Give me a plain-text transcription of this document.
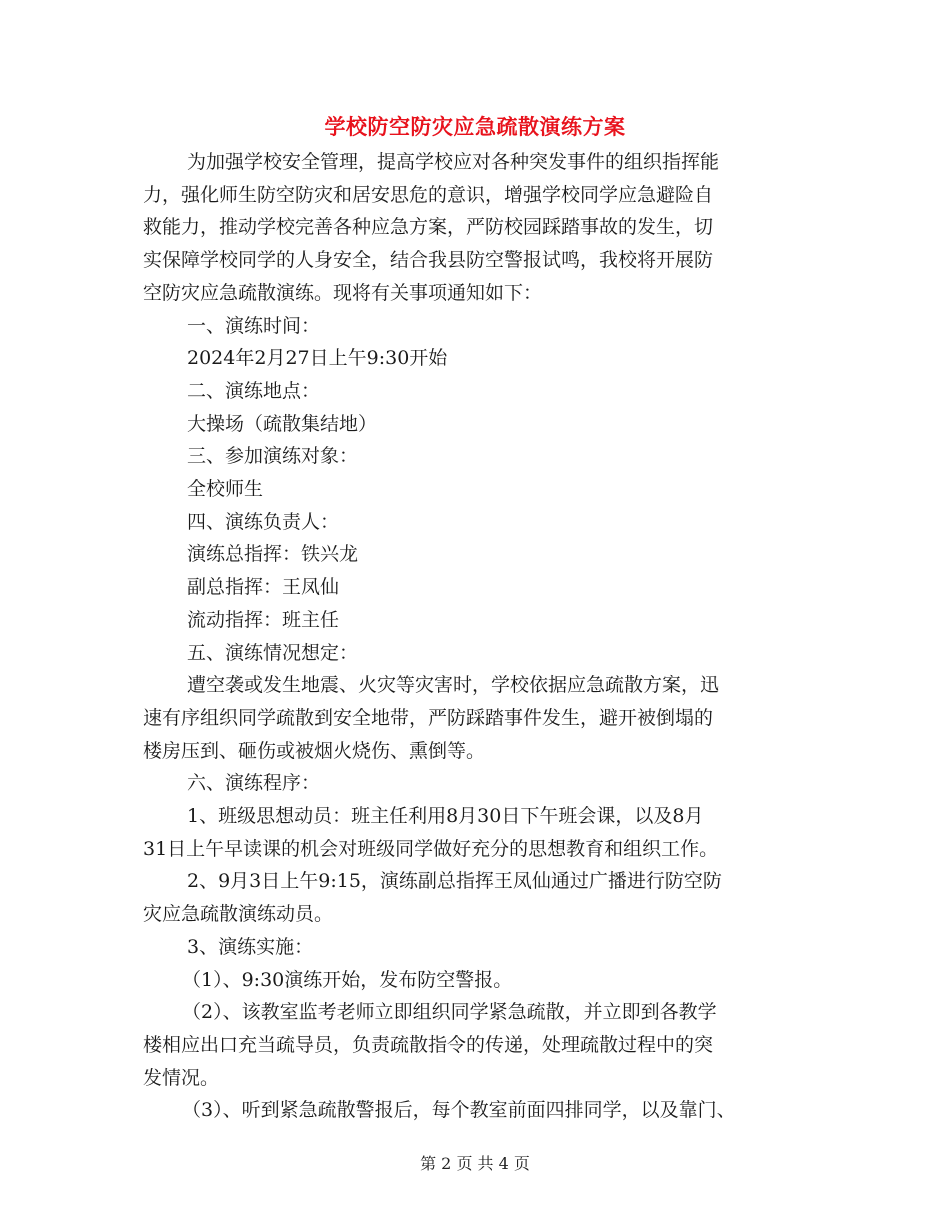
学校防空防灾应急疏散演练方案

为加强学校安全管理，提高学校应对各种突发事件的组织指挥能

力，强化师生防空防灾和居安思危的意识，增强学校同学应急避险自

救能力，推动学校完善各种应急方案，严防校园踩踏事故的发生，切

实保障学校同学的人身安全，结合我县防空警报试鸣，我校将开展防

空防灾应急疏散演练。现将有关事项通知如下：

一、演练时间：

2024年2月27日上午9:30开始

二、演练地点：

大操场（疏散集结地）

三、参加演练对象：

全校师生

四、演练负责人：

演练总指挥：铁兴龙

副总指挥：王凤仙

流动指挥：班主任

五、演练情况想定：

遭空袭或发生地震、火灾等灾害时，学校依据应急疏散方案，迅

速有序组织同学疏散到安全地带，严防踩踏事件发生，避开被倒塌的

楼房压到、砸伤或被烟火烧伤、熏倒等。

六、演练程序：

1、班级思想动员：班主任利用8月30日下午班会课，以及8月

31日上午早读课的机会对班级同学做好充分的思想教育和组织工作。

2、9月3日上午9:15，演练副总指挥王凤仙通过广播进行防空防

灾应急疏散演练动员。

3、演练实施：

（1）、9:30演练开始，发布防空警报。

（2）、该教室监考老师立即组织同学紧急疏散，并立即到各教学

楼相应出口充当疏导员，负责疏散指令的传递，处理疏散过程中的突

发情况。

（3）、听到紧急疏散警报后，每个教室前面四排同学，以及靠门、

第 2 页 共 4 页
